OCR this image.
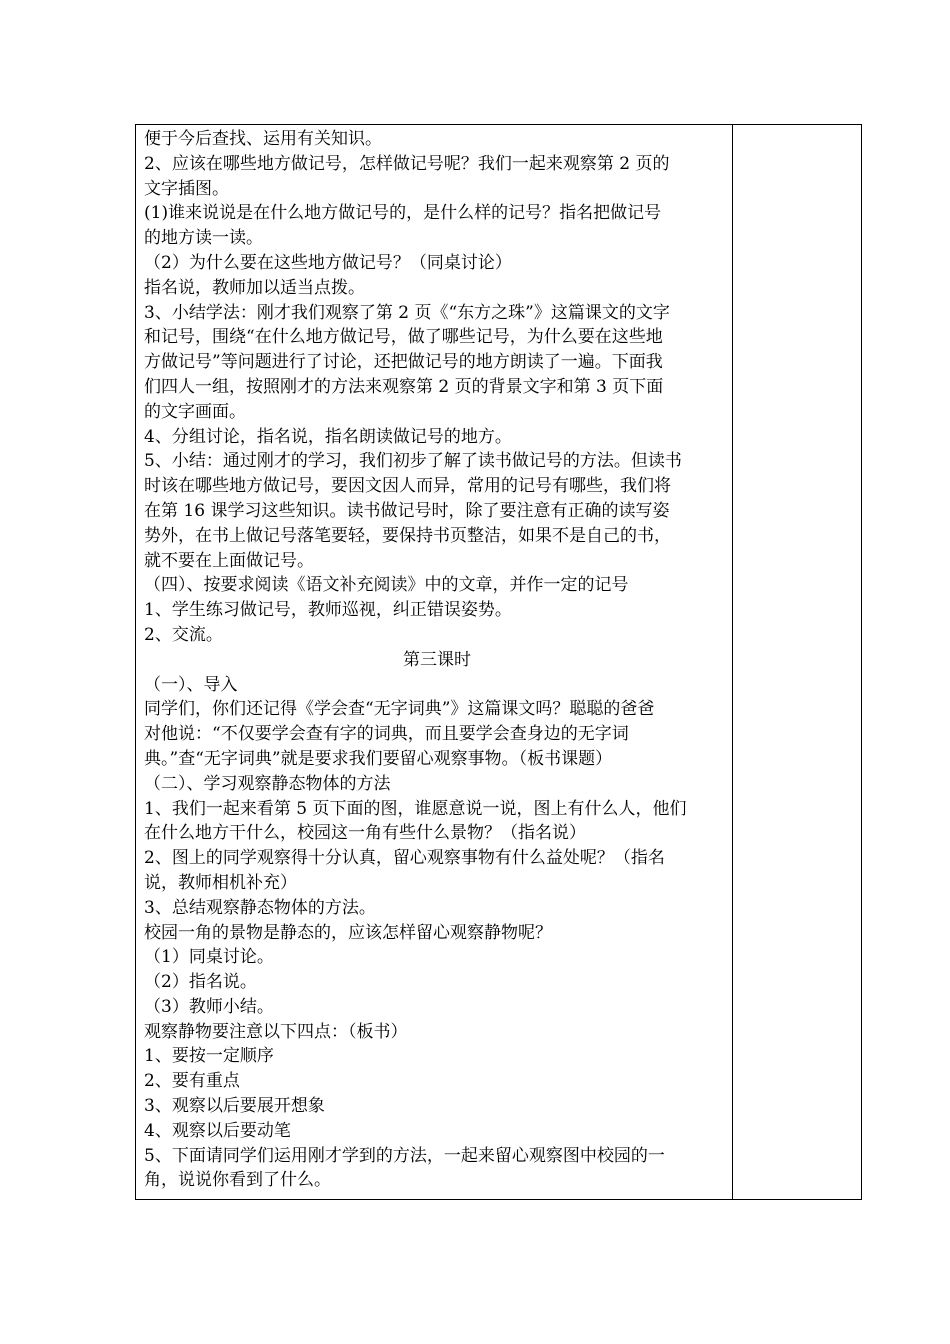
便于今后查找、运用有关知识。

2、应该在哪些地方做记号，怎样做记号呢？我们一起来观察第 2 页的

文字插图。

(1)谁来说说是在什么地方做记号的，是什么样的记号？指名把做记号

的地方读一读。

（2）为什么要在这些地方做记号？（同桌讨论）

指名说，教师加以适当点拨。

3、小结学法：刚才我们观察了第 2 页《“东方之珠”》这篇课文的文字

和记号，围绕“在什么地方做记号，做了哪些记号，为什么要在这些地

方做记号”等问题进行了讨论，还把做记号的地方朗读了一遍。下面我

们四人一组，按照刚才的方法来观察第 2 页的背景文字和第 3 页下面

的文字画面。

4、分组讨论，指名说，指名朗读做记号的地方。

5、小结：通过刚才的学习，我们初步了解了读书做记号的方法。但读书

时该在哪些地方做记号，要因文因人而异，常用的记号有哪些，我们将

在第 16 课学习这些知识。读书做记号时，除了要注意有正确的读写姿

势外，在书上做记号落笔要轻，要保持书页整洁，如果不是自己的书，

就不要在上面做记号。

（四）、按要求阅读《语文补充阅读》中的文章，并作一定的记号

1、学生练习做记号，教师巡视，纠正错误姿势。

2、交流。

第三课时

（一）、导入

同学们，你们还记得《学会查“无字词典”》这篇课文吗？聪聪的爸爸

对他说：“不仅要学会查有字的词典，而且要学会查身边的无字词

典。”查“无字词典”就是要求我们要留心观察事物。（板书课题）

（二）、学习观察静态物体的方法

1、我们一起来看第 5 页下面的图，谁愿意说一说，图上有什么人，他们

在什么地方干什么，校园这一角有些什么景物？（指名说）

2、图上的同学观察得十分认真，留心观察事物有什么益处呢？（指名

说，教师相机补充）

3、总结观察静态物体的方法。

校园一角的景物是静态的，应该怎样留心观察静物呢？

（1）同桌讨论。

（2）指名说。

（3）教师小结。

观察静物要注意以下四点：（板书）

1、要按一定顺序

2、要有重点

3、观察以后要展开想象

4、观察以后要动笔

5、下面请同学们运用刚才学到的方法，一起来留心观察图中校园的一

角，说说你看到了什么。
